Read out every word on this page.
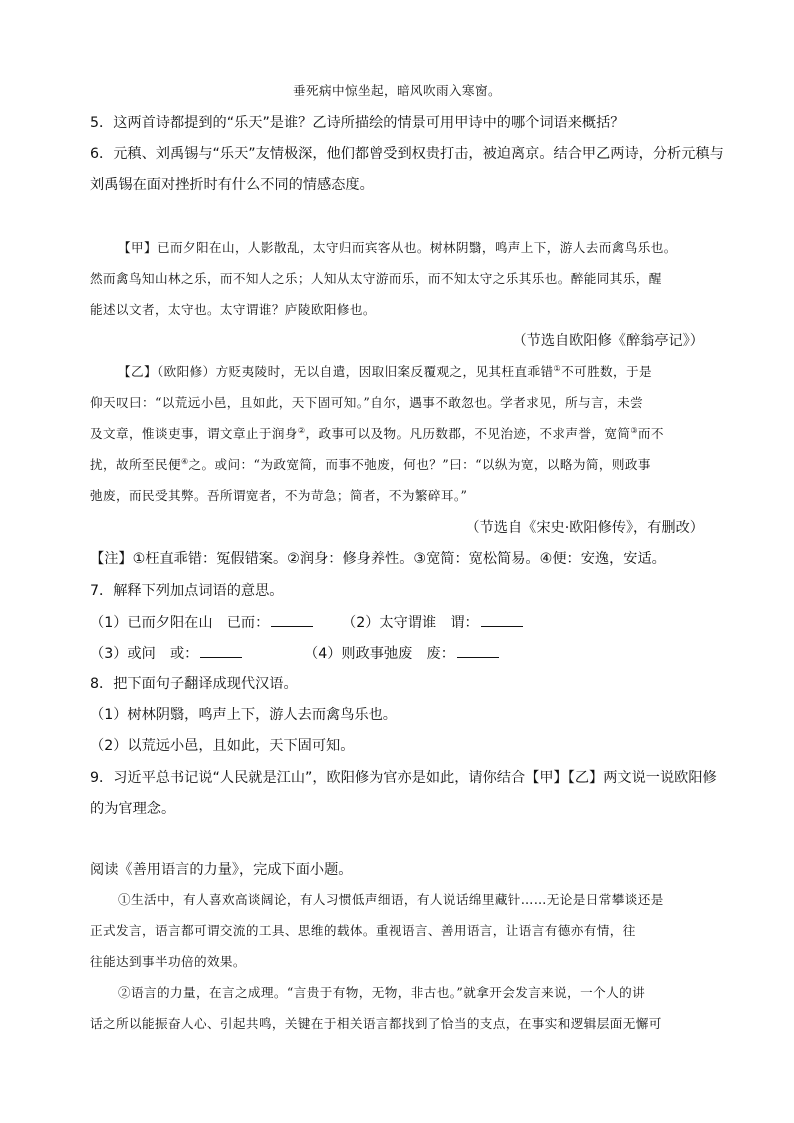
垂死病中惊坐起，暗风吹雨入寒窗。
5．这两首诗都提到的“乐天”是谁？乙诗所描绘的情景可用甲诗中的哪个词语来概括？
6．元稹、刘禹锡与“乐天”友情极深，他们都曾受到权贵打击，被迫离京。结合甲乙两诗，分析元稹与
刘禹锡在面对挫折时有什么不同的情感态度。
【甲】已而夕阳在山，人影散乱，太守归而宾客从也。树林阴翳，鸣声上下，游人去而禽鸟乐也。
然而禽鸟知山林之乐，而不知人之乐；人知从太守游而乐，而不知太守之乐其乐也。醉能同其乐，醒
能述以文者，太守也。太守谓谁？庐陵欧阳修也。
（节选自欧阳修《醉翁亭记》）
【乙】（欧阳修）方贬夷陵时，无以自遣，因取旧案反覆观之，见其枉直乖错①不可胜数，于是
仰天叹曰：“以荒远小邑，且如此，天下固可知。”自尔，遇事不敢忽也。学者求见，所与言，未尝
及文章，惟谈吏事，谓文章止于润身②，政事可以及物。凡历数郡，不见治迹，不求声誉，宽简③而不
扰，故所至民便④之。或问：“为政宽简，而事不弛废，何也？”曰：“以纵为宽，以略为简，则政事
弛废，而民受其弊。吾所谓宽者，不为苛急；简者，不为繁碎耳。”
（节选自《宋史·欧阳修传》，有删改）
【注】①枉直乖错：冤假错案。②润身：修身养性。③宽简：宽松简易。④便：安逸，安适。
7．解释下列加点词语的意思。
（1）已而夕阳在山　已而：	（2）太守谓谁　谓：
（3）或问　或：	（4）则政事弛废　废：
8．把下面句子翻译成现代汉语。
（1）树林阴翳，鸣声上下，游人去而禽鸟乐也。
（2）以荒远小邑，且如此，天下固可知。
9．习近平总书记说“人民就是江山”，欧阳修为官亦是如此，请你结合【甲】【乙】两文说一说欧阳修
的为官理念。
阅读《善用语言的力量》，完成下面小题。
①生活中，有人喜欢高谈阔论，有人习惯低声细语，有人说话绵里藏针……无论是日常攀谈还是
正式发言，语言都可谓交流的工具、思维的载体。重视语言、善用语言，让语言有德亦有情，往
往能达到事半功倍的效果。
②语言的力量，在言之成理。“言贵于有物，无物，非古也。”就拿开会发言来说，一个人的讲
话之所以能振奋人心、引起共鸣，关键在于相关语言都找到了恰当的支点，在事实和逻辑层面无懈可
